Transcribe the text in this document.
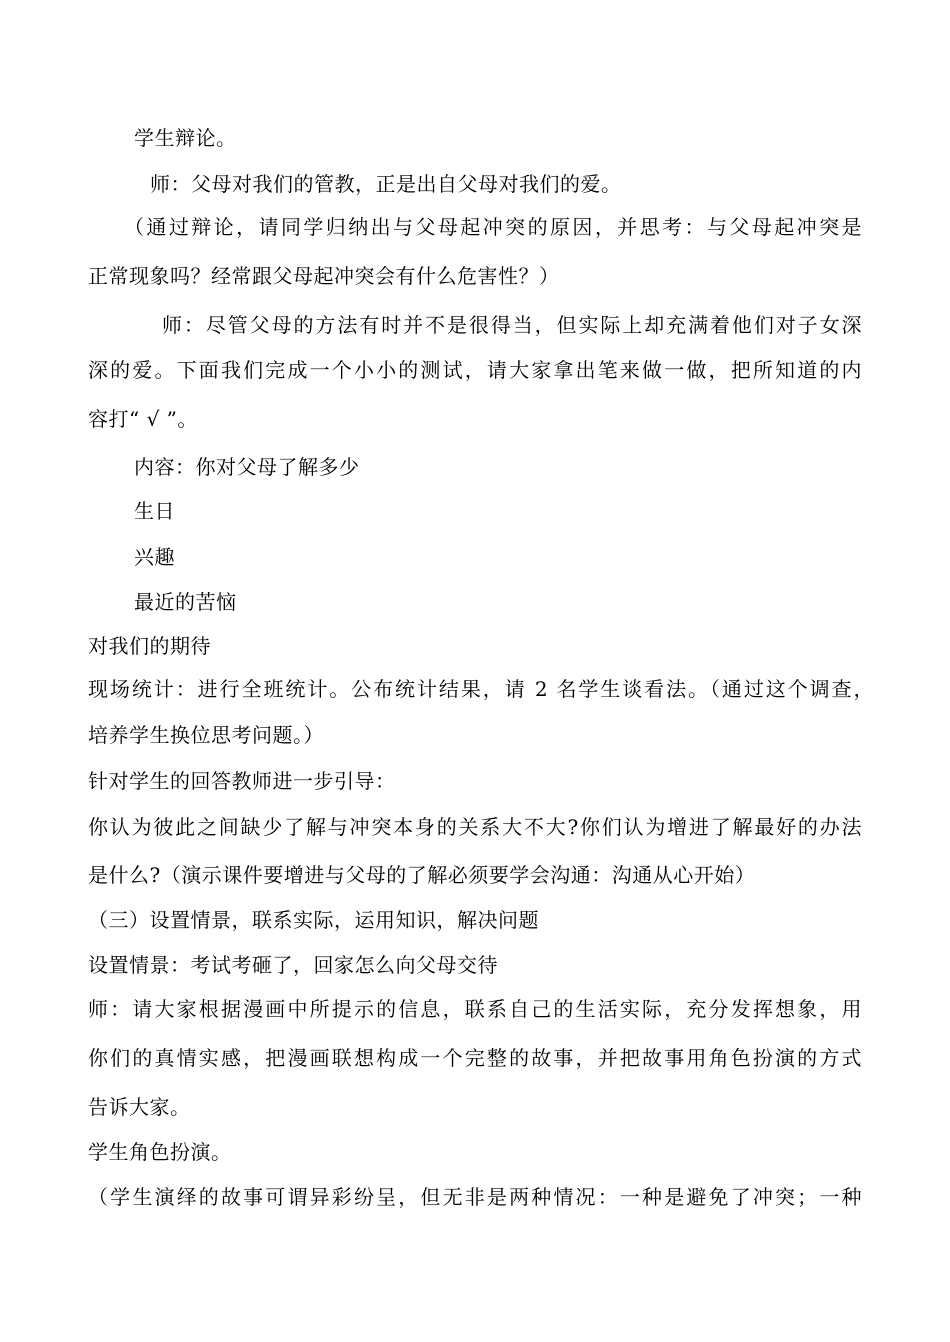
学生辩论。
师：父母对我们的管教，正是出自父母对我们的爱。
（通过辩论，请同学归纳出与父母起冲突的原因，并思考：与父母起冲突是
正常现象吗？经常跟父母起冲突会有什么危害性？）
师：尽管父母的方法有时并不是很得当，但实际上却充满着他们对子女深
深的爱。下面我们完成一个小小的测试，请大家拿出笔来做一做，把所知道的内
容打“ √ ”。
内容：你对父母了解多少
生日
兴趣
最近的苦恼
对我们的期待
现场统计：进行全班统计。公布统计结果，请 2 名学生谈看法。（通过这个调查，
培养学生换位思考问题。）
针对学生的回答教师进一步引导：
你认为彼此之间缺少了解与冲突本身的关系大不大?你们认为增进了解最好的办法
是什么?（演示课件要增进与父母的了解必须要学会沟通：沟通从心开始）
（三）设置情景，联系实际，运用知识，解决问题
设置情景：考试考砸了，回家怎么向父母交待
师：请大家根据漫画中所提示的信息，联系自己的生活实际，充分发挥想象，用
你们的真情实感，把漫画联想构成一个完整的故事，并把故事用角色扮演的方式
告诉大家。
学生角色扮演。
（学生演绎的故事可谓异彩纷呈，但无非是两种情况：一种是避免了冲突；一种
